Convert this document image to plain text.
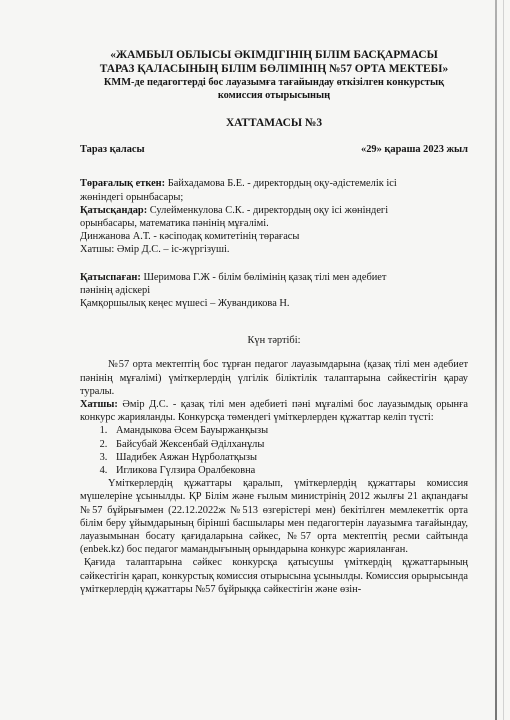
«ЖАМБЫЛ ОБЛЫСЫ ӘКІМДІГІНІҢ БІЛІМ БАСҚАРМАСЫ
ТАРАЗ ҚАЛАСЫНЫҢ БІЛІМ БӨЛІМІНІҢ №57 ОРТА МЕКТЕБІ»
КММ-де педагогтерді бос лауазымға тағайындау өткізілген конкурстық
комиссия отырысының
ХАТТАМАСЫ №3
Тараз қаласы	«29» қараша 2023 жыл

Төрағалық еткен: Байхадамова Б.Е. - директордың оқу-әдістемелік ісі

жөніндегі орынбасары;

Қатысқандар: Сулейменкулова С.К. - директордың оқу ісі жөніндегі

орынбасары, математика пәнінің мұғалімі.

Динжанова А.Т. - кәсіподақ комитетінің төрағасы

Хатшы: Әмір Д.С. – іс-жүргізуші.

Қатыспаған: Шеримова Г.Ж - білім бөлімінің қазақ тілі мен әдебиет

пәнінің әдіскері

Қамқоршылық кеңес мүшесі – Жувандикова Н.

Күн тәртібі:

№57 орта мектептің бос тұрған педагог лауазымдарына (қазақ тілі мен әдебиет пәнінің мұғалімі) үміткерлердің үлгілік біліктілік талаптарына сәйкестігін қарау туралы.

Хатшы: Әмір Д.С. - қазақ тілі мен әдебиеті пәні мұғалімі бос лауазымдық орынға конкурс жарияланды. Конкурсқа төмендегі үміткерлерден құжаттар келіп түсті:

1. Амандыкова Әсем Бауыржанқызы
2. Байсубай Жексенбай Әділханұлы
3. Шадибек Аяжан Нұрболатқызы
4. Игликова Гүлзира Оралбековна

Үміткерлердің құжаттары қаралып, үміткерлердің құжаттары комиссия мүшелеріне ұсынылды. ҚР Білім және ғылым министрінің 2012 жылғы 21 ақпандағы №57 бұйрығымен (22.12.2022ж №513 өзгерістері мен) бекітілген мемлекеттік орта білім беру ұйымдарының бірінші басшылары мен педагогтерін лауазымға тағайындау, лауазымынан босату қағидаларына сәйкес, №57 орта мектептің ресми сайтында (enbek.kz) бос педагог мамандығының орындарына конкурс жарияланған.

Қағида талаптарына сәйкес конкурсқа қатысушы үміткердің құжаттарының сәйкестігін қарап, конкурстық комиссия отырысына ұсынылды. Комиссия орырысында үміткерлердің құжаттары №57 бұйрыққа сәйкестігін және өзін-
